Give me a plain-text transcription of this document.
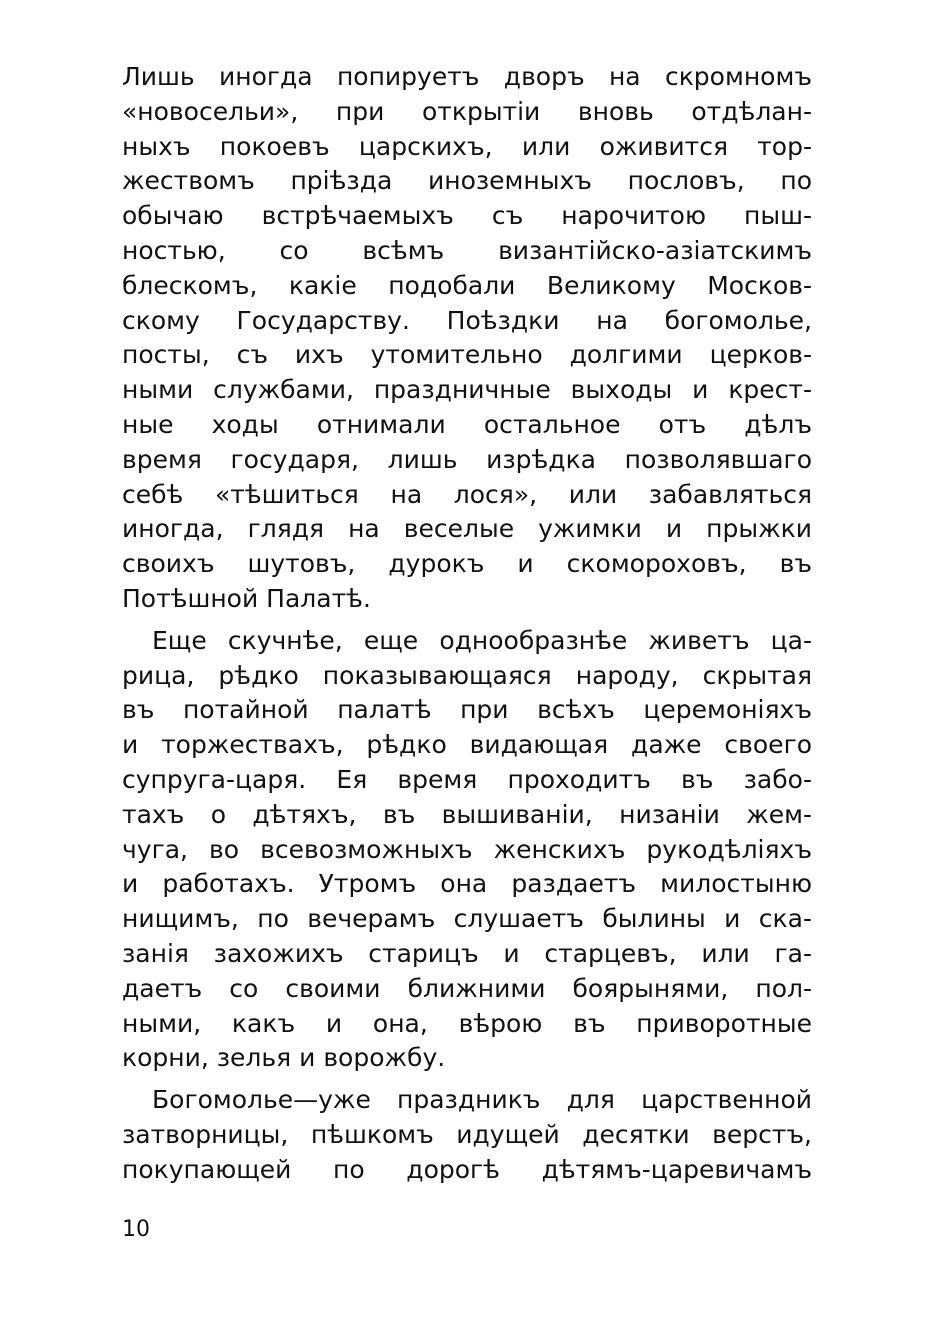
Лишь иногда попируетъ дворъ на скромномъ
«новосельи», при открытіи вновь отдѣлан-
ныхъ покоевъ царскихъ, или оживится тор-
жествомъ пріѣзда иноземныхъ пословъ, по
обычаю встрѣчаемыхъ съ нарочитою пыш-
ностью, со всѣмъ византійско-азіатскимъ
блескомъ, какіе подобали Великому Москов-
скому Государству. Поѣздки на богомолье,
посты, съ ихъ утомительно долгими церков-
ными службами, праздничные выходы и крест-
ные ходы отнимали остальное отъ дѣлъ
время государя, лишь изрѣдка позволявшаго
себѣ «тѣшиться на лося», или забавляться
иногда, глядя на веселые ужимки и прыжки
своихъ шутовъ, дурокъ и скомороховъ, въ
Потѣшной Палатѣ.
Еще скучнѣе, еще однообразнѣе живетъ ца-
рица, рѣдко показывающаяся народу, скрытая
въ потайной палатѣ при всѣхъ церемоніяхъ
и торжествахъ, рѣдко видающая даже своего
супруга-царя. Ея время проходитъ въ забо-
тахъ о дѣтяхъ, въ вышиваніи, низаніи жем-
чуга, во всевозможныхъ женскихъ рукодѣліяхъ
и работахъ. Утромъ она раздаетъ милостыню
нищимъ, по вечерамъ слушаетъ былины и ска-
занія захожихъ старицъ и старцевъ, или га-
даетъ со своими ближними боярынями, пол-
ными, какъ и она, вѣрою въ приворотные
корни, зелья и ворожбу.
Богомолье—уже праздникъ для царственной
затворницы, пѣшкомъ идущей десятки верстъ,
покупающей по дорогѣ дѣтямъ-царевичамъ
10
